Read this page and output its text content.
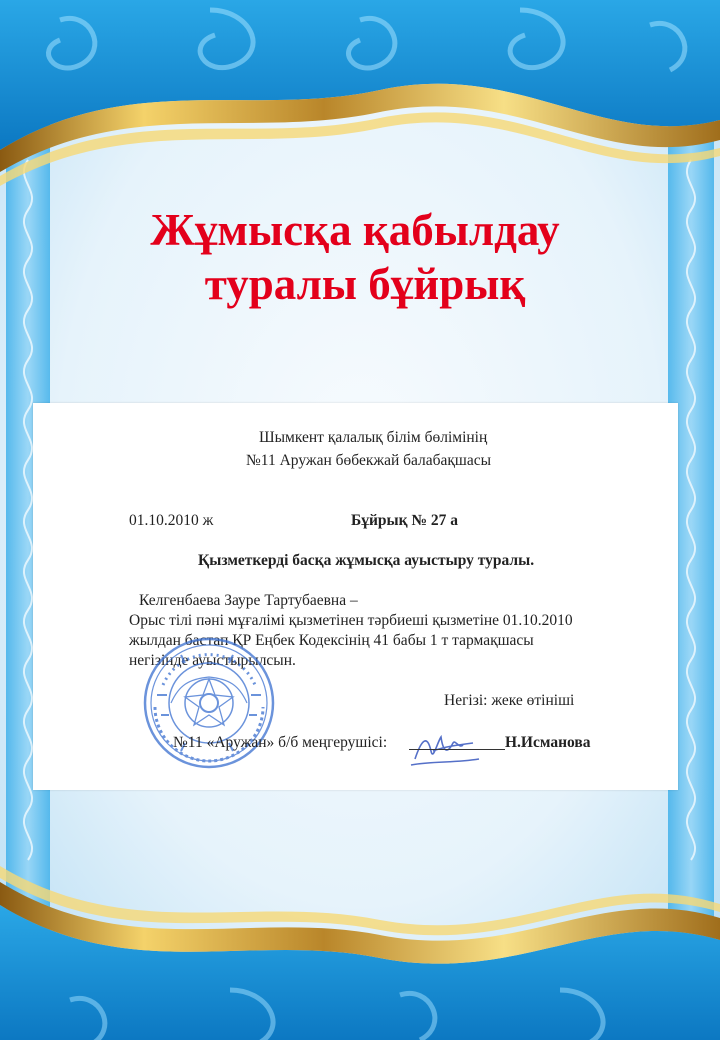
Жұмысқа қабылдау
туралы бұйрық
Шымкент қалалық білім бөлімінің
№11 Аружан бөбекжай балабақшасы
01.10.2010 ж	Бұйрық № 27 а
Қызметкерді басқа жұмысқа ауыстыру туралы.
Келгенбаева Зауре Тартубаевна –
Орыс тілі пәні мұғалімі қызметінен тәрбиеші қызметіне 01.10.2010
жылдан бастап ҚР Еңбек Кодексінің 41 бабы 1 т тармақшасы
негізінде ауыстырылсын.
Негізі: жеке өтініші
№11 «Аружан» б/б меңгерушісі:	Н.Исманова
